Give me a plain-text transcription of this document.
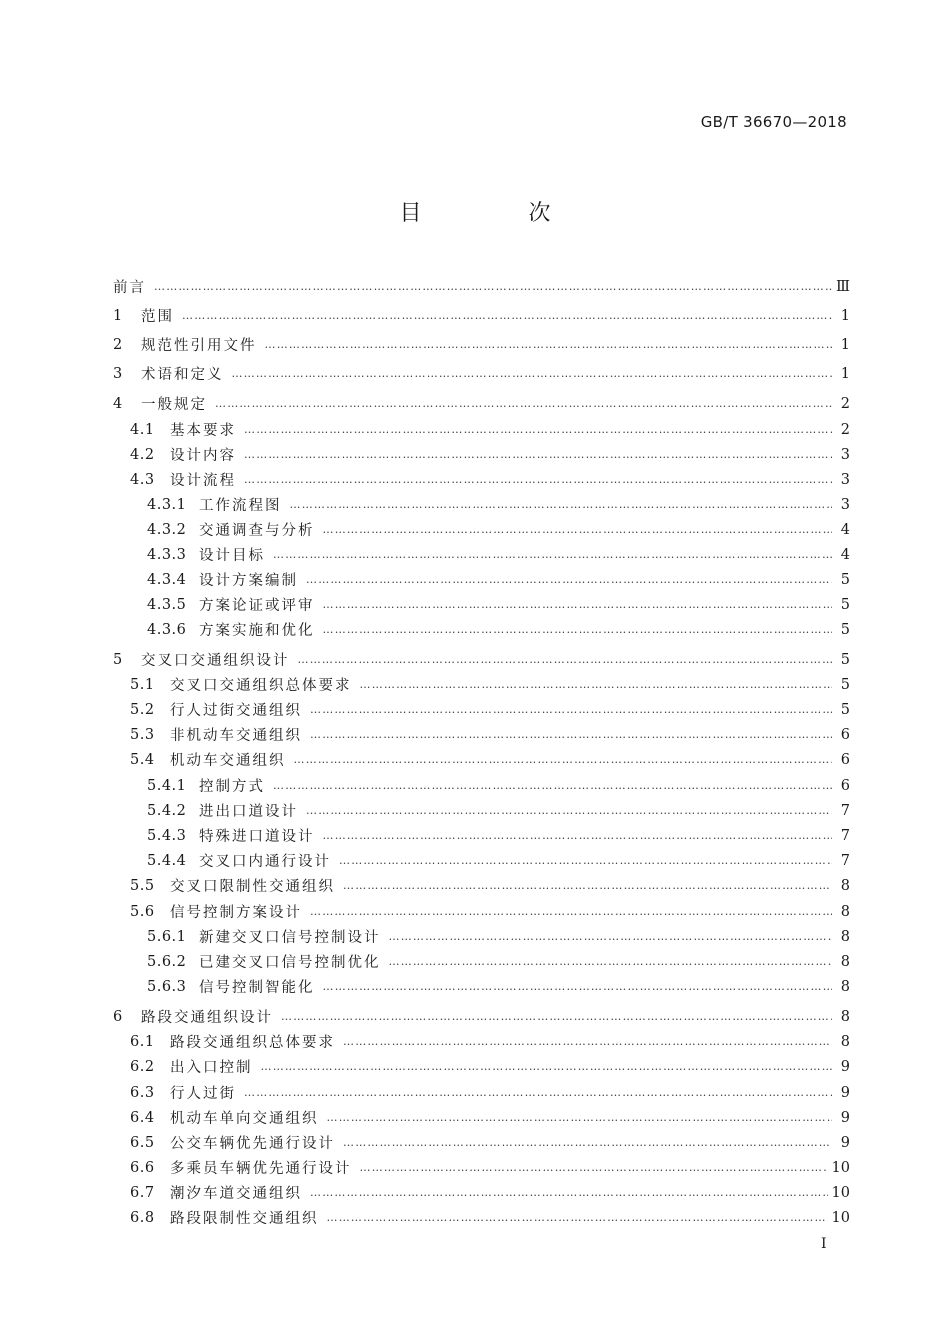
GB/T 36670—2018
目 次
前言 ………………………………………………………………………………………………………………………………………………………………………………………………………………	Ⅲ
1	范围 ………………………………………………………………………………………………………………………………………………………………………………………………………………	1
2	规范性引用文件 ………………………………………………………………………………………………………………………………………………………………………………………………………………	1
3	术语和定义 ………………………………………………………………………………………………………………………………………………………………………………………………………………	1
4	一般规定 ………………………………………………………………………………………………………………………………………………………………………………………………………………	2
4.1	基本要求 ………………………………………………………………………………………………………………………………………………………………………………………………………………	2
4.2	设计内容 ………………………………………………………………………………………………………………………………………………………………………………………………………………	3
4.3	设计流程 ………………………………………………………………………………………………………………………………………………………………………………………………………………	3
4.3.1 工作流程图 ………………………………………………………………………………………………………………………………………………………………………………………………………………	3
4.3.2 交通调查与分析 ………………………………………………………………………………………………………………………………………………………………………………………………………………	4
4.3.3 设计目标 ………………………………………………………………………………………………………………………………………………………………………………………………………………	4
4.3.4 设计方案编制 ………………………………………………………………………………………………………………………………………………………………………………………………………………	5
4.3.5 方案论证或评审 ………………………………………………………………………………………………………………………………………………………………………………………………………………	5
4.3.6 方案实施和优化 ………………………………………………………………………………………………………………………………………………………………………………………………………………	5
5	交叉口交通组织设计 ………………………………………………………………………………………………………………………………………………………………………………………………………………	5
5.1	交叉口交通组织总体要求 ………………………………………………………………………………………………………………………………………………………………………………………………………………	5
5.2	行人过街交通组织 ………………………………………………………………………………………………………………………………………………………………………………………………………………	5
5.3	非机动车交通组织 ………………………………………………………………………………………………………………………………………………………………………………………………………………	6
5.4	机动车交通组织 ………………………………………………………………………………………………………………………………………………………………………………………………………………	6
5.4.1 控制方式 ………………………………………………………………………………………………………………………………………………………………………………………………………………	6
5.4.2 进出口道设计 ………………………………………………………………………………………………………………………………………………………………………………………………………………	7
5.4.3 特殊进口道设计 ………………………………………………………………………………………………………………………………………………………………………………………………………………	7
5.4.4 交叉口内通行设计 ………………………………………………………………………………………………………………………………………………………………………………………………………………	7
5.5	交叉口限制性交通组织 ………………………………………………………………………………………………………………………………………………………………………………………………………………	8
5.6	信号控制方案设计 ………………………………………………………………………………………………………………………………………………………………………………………………………………	8
5.6.1 新建交叉口信号控制设计 ………………………………………………………………………………………………………………………………………………………………………………………………………………	8
5.6.2 已建交叉口信号控制优化 ………………………………………………………………………………………………………………………………………………………………………………………………………………	8
5.6.3 信号控制智能化 ………………………………………………………………………………………………………………………………………………………………………………………………………………	8
6	路段交通组织设计 ………………………………………………………………………………………………………………………………………………………………………………………………………………	8
6.1	路段交通组织总体要求 ………………………………………………………………………………………………………………………………………………………………………………………………………………	8
6.2	出入口控制 ………………………………………………………………………………………………………………………………………………………………………………………………………………	9
6.3	行人过街 ………………………………………………………………………………………………………………………………………………………………………………………………………………	9
6.4	机动车单向交通组织 ………………………………………………………………………………………………………………………………………………………………………………………………………………	9
6.5	公交车辆优先通行设计 ………………………………………………………………………………………………………………………………………………………………………………………………………………	9
6.6	多乘员车辆优先通行设计 ………………………………………………………………………………………………………………………………………………………………………………………………………………	10
6.7	潮汐车道交通组织 ………………………………………………………………………………………………………………………………………………………………………………………………………………	10
6.8	路段限制性交通组织 ………………………………………………………………………………………………………………………………………………………………………………………………………………	10
I
